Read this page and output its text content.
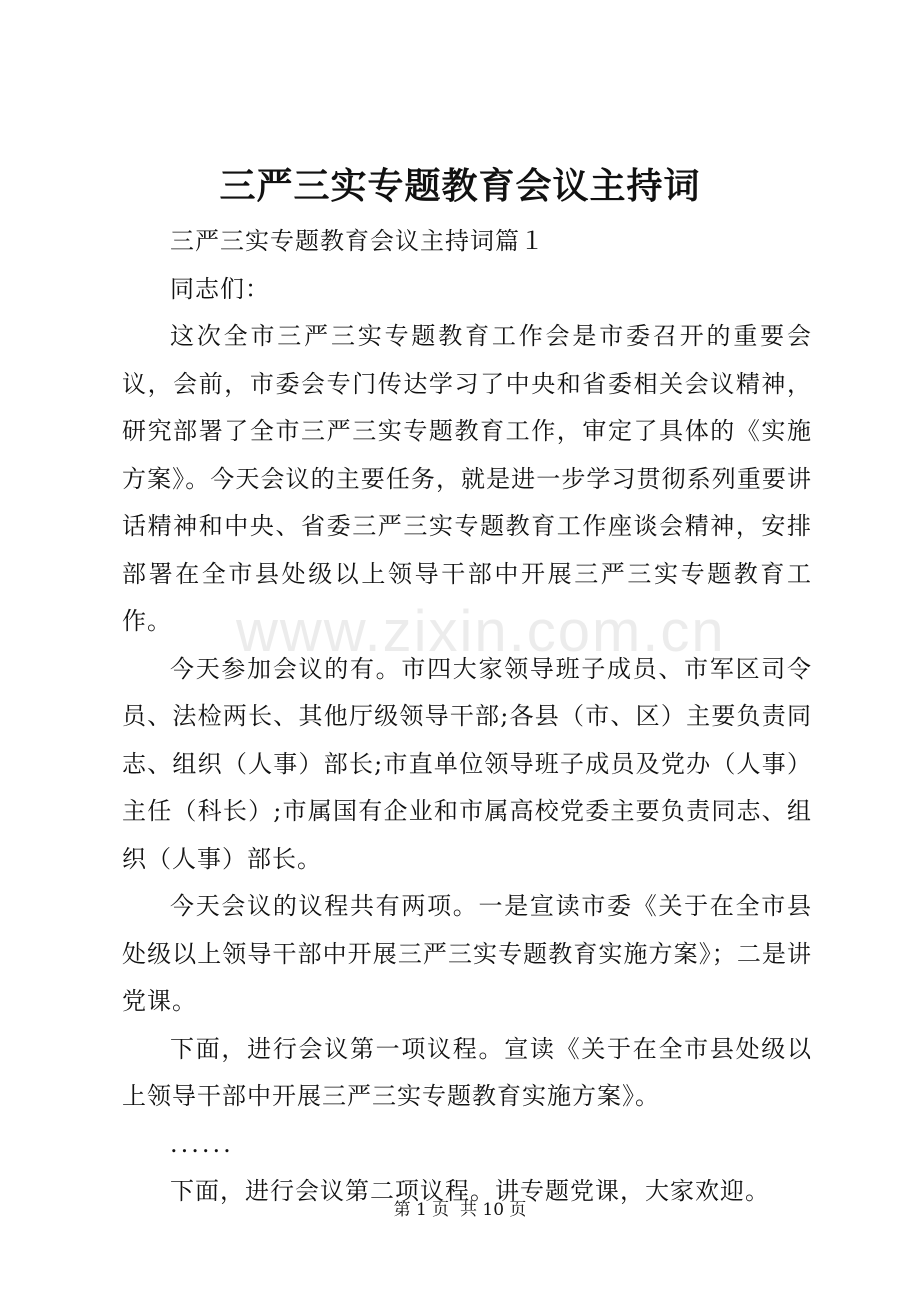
三严三实专题教育会议主持词

三严三实专题教育会议主持词篇１

同志们：

这次全市三严三实专题教育工作会是市委召开的重要会议，会前，市委会专门传达学习了中央和省委相关会议精神，研究部署了全市三严三实专题教育工作，审定了具体的《实施方案》。今天会议的主要任务，就是进一步学习贯彻系列重要讲话精神和中央、省委三严三实专题教育工作座谈会精神，安排部署在全市县处级以上领导干部中开展三严三实专题教育工作。

今天参加会议的有。市四大家领导班子成员、市军区司令员、法检两长、其他厅级领导干部;各县（市、区）主要负责同志、组织（人事）部长;市直单位领导班子成员及党办（人事）主任（科长）;市属国有企业和市属高校党委主要负责同志、组织（人事）部长。

今天会议的议程共有两项。一是宣读市委《关于在全市县处级以上领导干部中开展三严三实专题教育实施方案》；二是讲党课。

下面，进行会议第一项议程。宣读《关于在全市县处级以上领导干部中开展三严三实专题教育实施方案》。

......

下面，进行会议第二项议程。讲专题党课，大家欢迎。

www.zixin.com.cn
第 1 页  共 10 页
